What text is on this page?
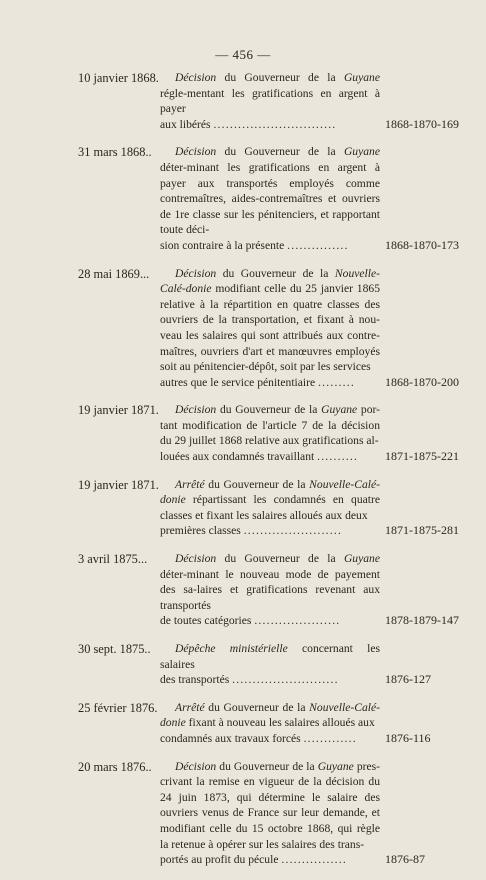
— 456 —
10 janvier 1868.	Décision du Gouverneur de la Guyane régle-mentant les gratifications en argent à payer
aux libérés ..............................	1868-1870-169
31 mars 1868..	Décision du Gouverneur de la Guyane déter-minant les gratifications en argent à payer aux transportés employés comme contremaîtres, aides-contremaîtres et ouvriers de 1re classe sur les pénitenciers, et rapportant toute déci-
sion contraire à la présente ...............	1868-1870-173
28 mai 1869...	Décision du Gouverneur de la Nouvelle-Calé-donie modifiant celle du 25 janvier 1865 relative à la répartition en quatre classes des ouvriers de la transportation, et fixant à nou-veau les salaires qui sont attribués aux contre-maîtres, ouvriers d'art et manœuvres employés soit au pénitencier-dépôt, soit par les services
autres que le service pénitentiaire .........	1868-1870-200
19 janvier 1871.	Décision du Gouverneur de la Guyane por-tant modification de l'article 7 de la décision du 29 juillet 1868 relative aux gratifications al-
louées aux condamnés travaillant ..........	1871-1875-221
19 janvier 1871.	Arrêté du Gouverneur de la Nouvelle-Calé-donie répartissant les condamnés en quatre classes et fixant les salaires alloués aux deux
premières classes ........................	1871-1875-281
3 avril 1875...	Décision du Gouverneur de la Guyane déter-minant le nouveau mode de payement des sa-laires et gratifications revenant aux transportés
de toutes catégories .....................	1878-1879-147
30 sept. 1875..	Dépêche ministérielle concernant les salaires
des transportés ..........................	1876-127
25 février 1876.	Arrêté du Gouverneur de la Nouvelle-Calé-donie fixant à nouveau les salaires alloués aux
condamnés aux travaux forcés .............	1876-116
20 mars 1876..	Décision du Gouverneur de la Guyane pres-crivant la remise en vigueur de la décision du 24 juin 1873, qui détermine le salaire des ouvriers venus de France sur leur demande, et modifiant celle du 15 octobre 1868, qui règle la retenue à opérer sur les salaires des trans-
portés au profit du pécule ................	1876-87
